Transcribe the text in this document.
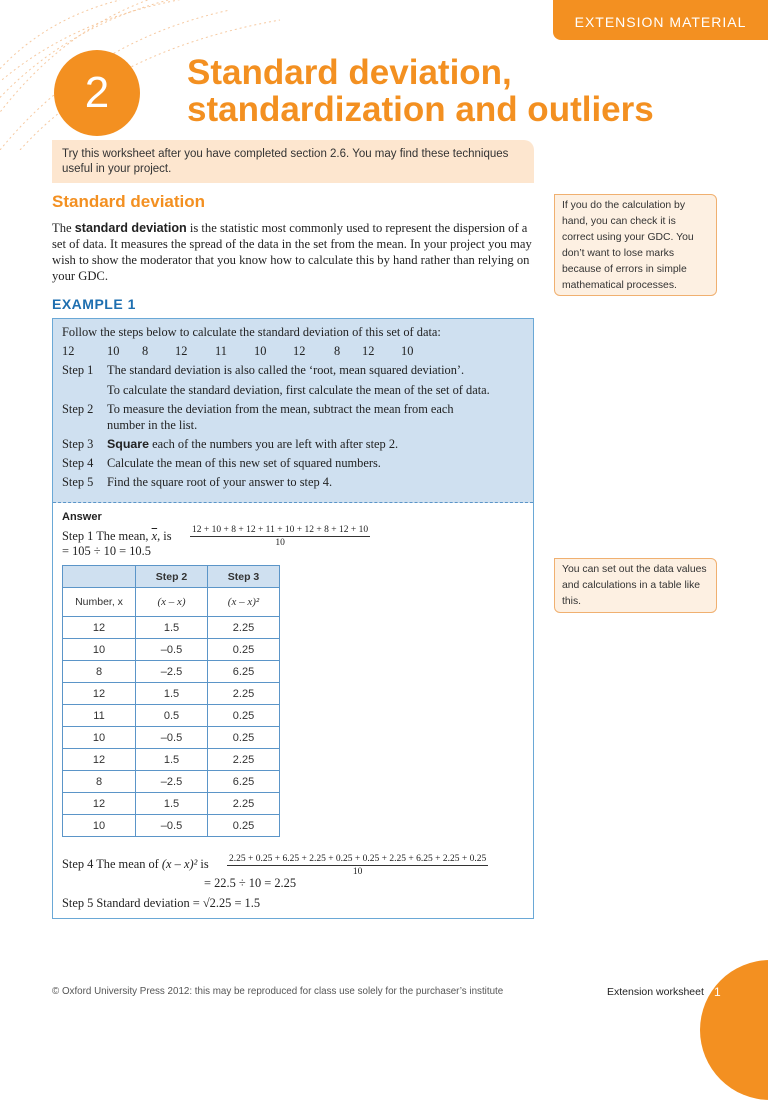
EXTENSION MATERIAL
2	Standard deviation,
standardization and outliers
Try this worksheet after you have completed section 2.6. You may find these techniques useful in your project.
Standard deviation

The standard deviation is the statistic most commonly used to represent the dispersion of a set of data. It measures the spread of the data in the set from the mean. In your project you may wish to show the moderator that you know how to calculate this by hand rather than relying on your GDC.

If you do the calculation by hand, you can check it is correct using your GDC. You don’t want to lose marks because of errors in simple mathematical processes.
You can set out the data values and calculations in a table like this.
EXAMPLE 1
Follow the steps below to calculate the standard deviation of this set of data:
12	10 8 12 11 10 12 8 12 10
Step 1 The standard deviation is also called the ‘root, mean squared deviation’.
To calculate the standard deviation, first calculate the mean of the set of data.
Step 2 To measure the deviation from the mean, subtract the mean from each
number in the list.
Step 3 Square each of the numbers you are left with after step 2.
Step 4 Calculate the mean of this new set of squared numbers.
Step 5 Find the square root of your answer to step 4.
Answer
Step 1 The mean, $\overline{x}$, is $\frac{12 + 10 + 8 + 12 + 11 + 10 + 12 + 8 + 12 + 10}{10}$
= 105 ÷ 10 = 10.5
	Step 2	Step 3
Number, x	(x – x)	(x – x)²
12	1.5	2.25
10	–0.5	0.25
8	–2.5	6.25
12	1.5	2.25
11	0.5	0.25
10	–0.5	0.25
12	1.5	2.25
8	–2.5	6.25
12	1.5	2.25
10	–0.5	0.25
Step 4 The mean of (x – x)² is 2.25 + 0.25 + 6.25 + 2.25 + 0.25 + 0.25 + 2.25 + 6.25 + 2.25 + 0.25
10
= 22.5 ÷ 10 = 2.25
Step 5 Standard deviation = √2.25 = 1.5
© Oxford University Press 2012: this may be reproduced for class use solely for the purchaser’s institute	Extension worksheet 1
